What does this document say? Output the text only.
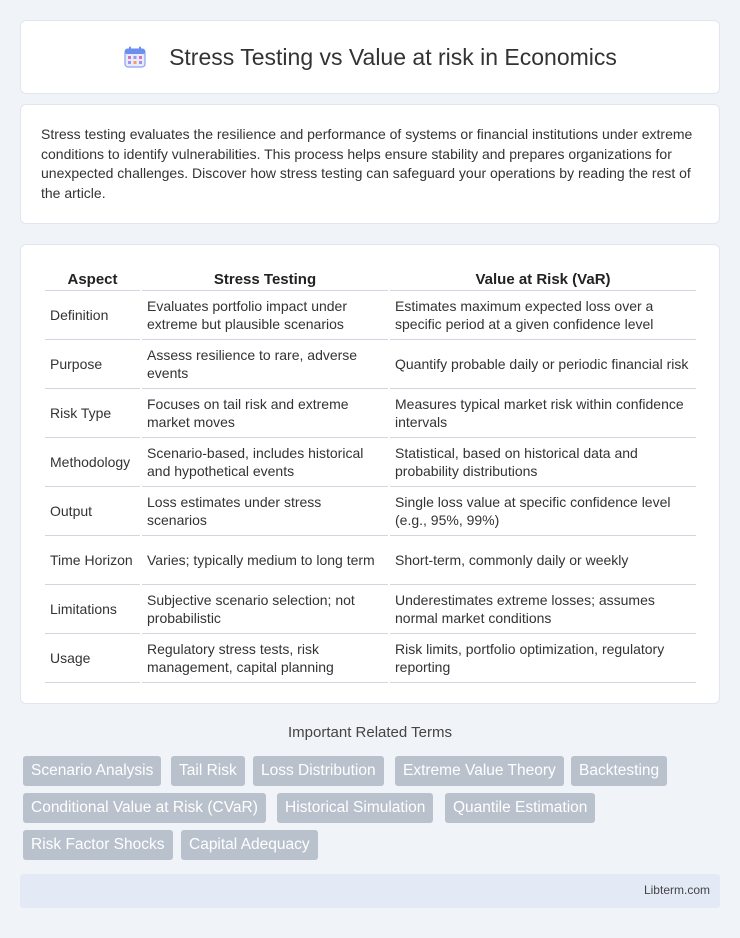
Stress Testing vs Value at risk in Economics

Stress testing evaluates the resilience and performance of systems or financial institutions under extreme conditions to identify vulnerabilities. This process helps ensure stability and prepares organizations for unexpected challenges. Discover how stress testing can safeguard your operations by reading the rest of the article.

Aspect	Stress Testing	Value at Risk (VaR)
Definition	Evaluates portfolio impact under extreme but plausible scenarios	Estimates maximum expected loss over a specific period at a given confidence level
Purpose	Assess resilience to rare, adverse events	Quantify probable daily or periodic financial risk
Risk Type	Focuses on tail risk and extreme market moves	Measures typical market risk within confidence intervals
Methodology	Scenario-based, includes historical and hypothetical events	Statistical, based on historical data and probability distributions
Output	Loss estimates under stress scenarios	Single loss value at specific confidence level (e.g., 95%, 99%)
Time Horizon	Varies; typically medium to long term	Short-term, commonly daily or weekly
Limitations	Subjective scenario selection; not probabilistic	Underestimates extreme losses; assumes normal market conditions
Usage	Regulatory stress tests, risk management, capital planning	Risk limits, portfolio optimization, regulatory reporting
Important Related Terms
Scenario Analysis	Tail Risk	Loss Distribution	Extreme Value Theory	Backtesting
Conditional Value at Risk (CVaR)	Historical Simulation	Quantile Estimation
Risk Factor Shocks	Capital Adequacy
Libterm.com
